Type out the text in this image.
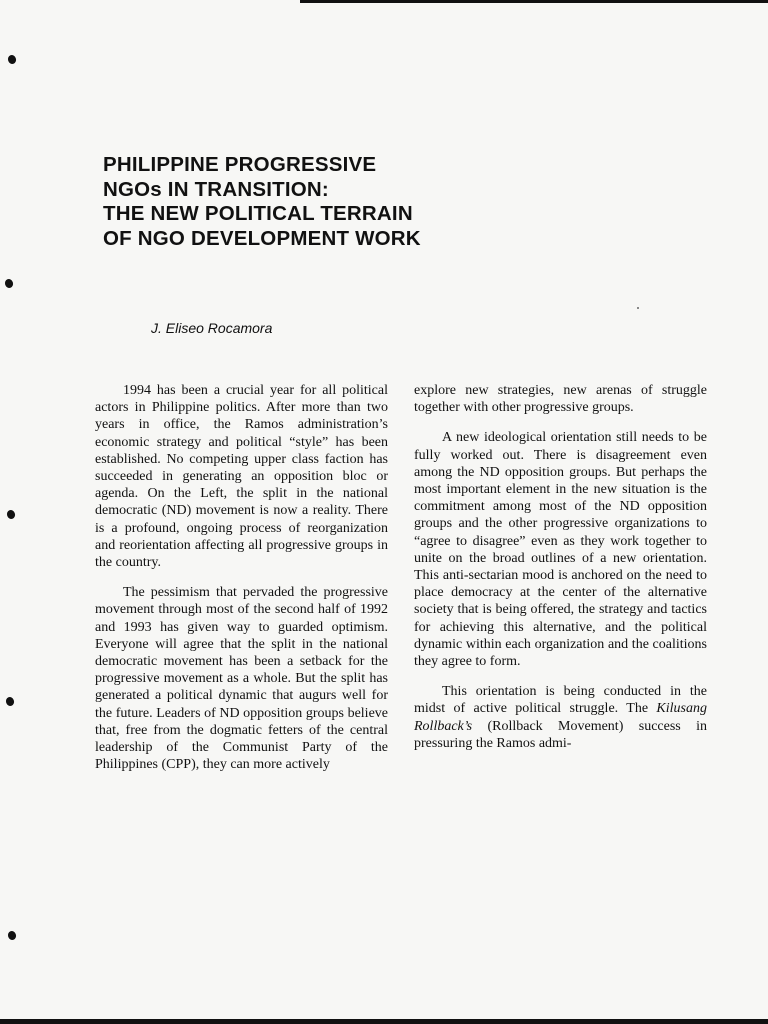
PHILIPPINE PROGRESSIVE
NGOs IN TRANSITION:
THE NEW POLITICAL TERRAIN
OF NGO DEVELOPMENT WORK
J. Eliseo Rocamora

1994 has been a crucial year for all political actors in Philippine politics. After more than two years in office, the Ramos administration’s economic strategy and political “style” has been established. No competing upper class faction has succeeded in generating an opposition bloc or agenda. On the Left, the split in the national democratic (ND) movement is now a reality. There is a profound, ongoing process of reorganization and reorientation affecting all progressive groups in the country.

The pessimism that pervaded the progressive movement through most of the second half of 1992 and 1993 has given way to guarded optimism. Everyone will agree that the split in the national democratic movement has been a setback for the progressive movement as a whole. But the split has generated a political dynamic that augurs well for the future. Leaders of ND opposition groups believe that, free from the dogmatic fetters of the central leadership of the Communist Party of the Philippines (CPP), they can more actively

explore new strategies, new arenas of struggle together with other progressive groups.

A new ideological orientation still needs to be fully worked out. There is disagreement even among the ND opposition groups. But perhaps the most important element in the new situation is the commitment among most of the ND opposition groups and the other progressive organizations to “agree to disagree” even as they work together to unite on the broad outlines of a new orientation. This anti-sectarian mood is anchored on the need to place democracy at the center of the alternative society that is being offered, the strategy and tactics for achieving this alternative, and the political dynamic within each organization and the coalitions they agree to form.

This orientation is being conducted in the midst of active political struggle. The Kilusang Rollback’s (Rollback Movement) success in pressuring the Ramos admi-
